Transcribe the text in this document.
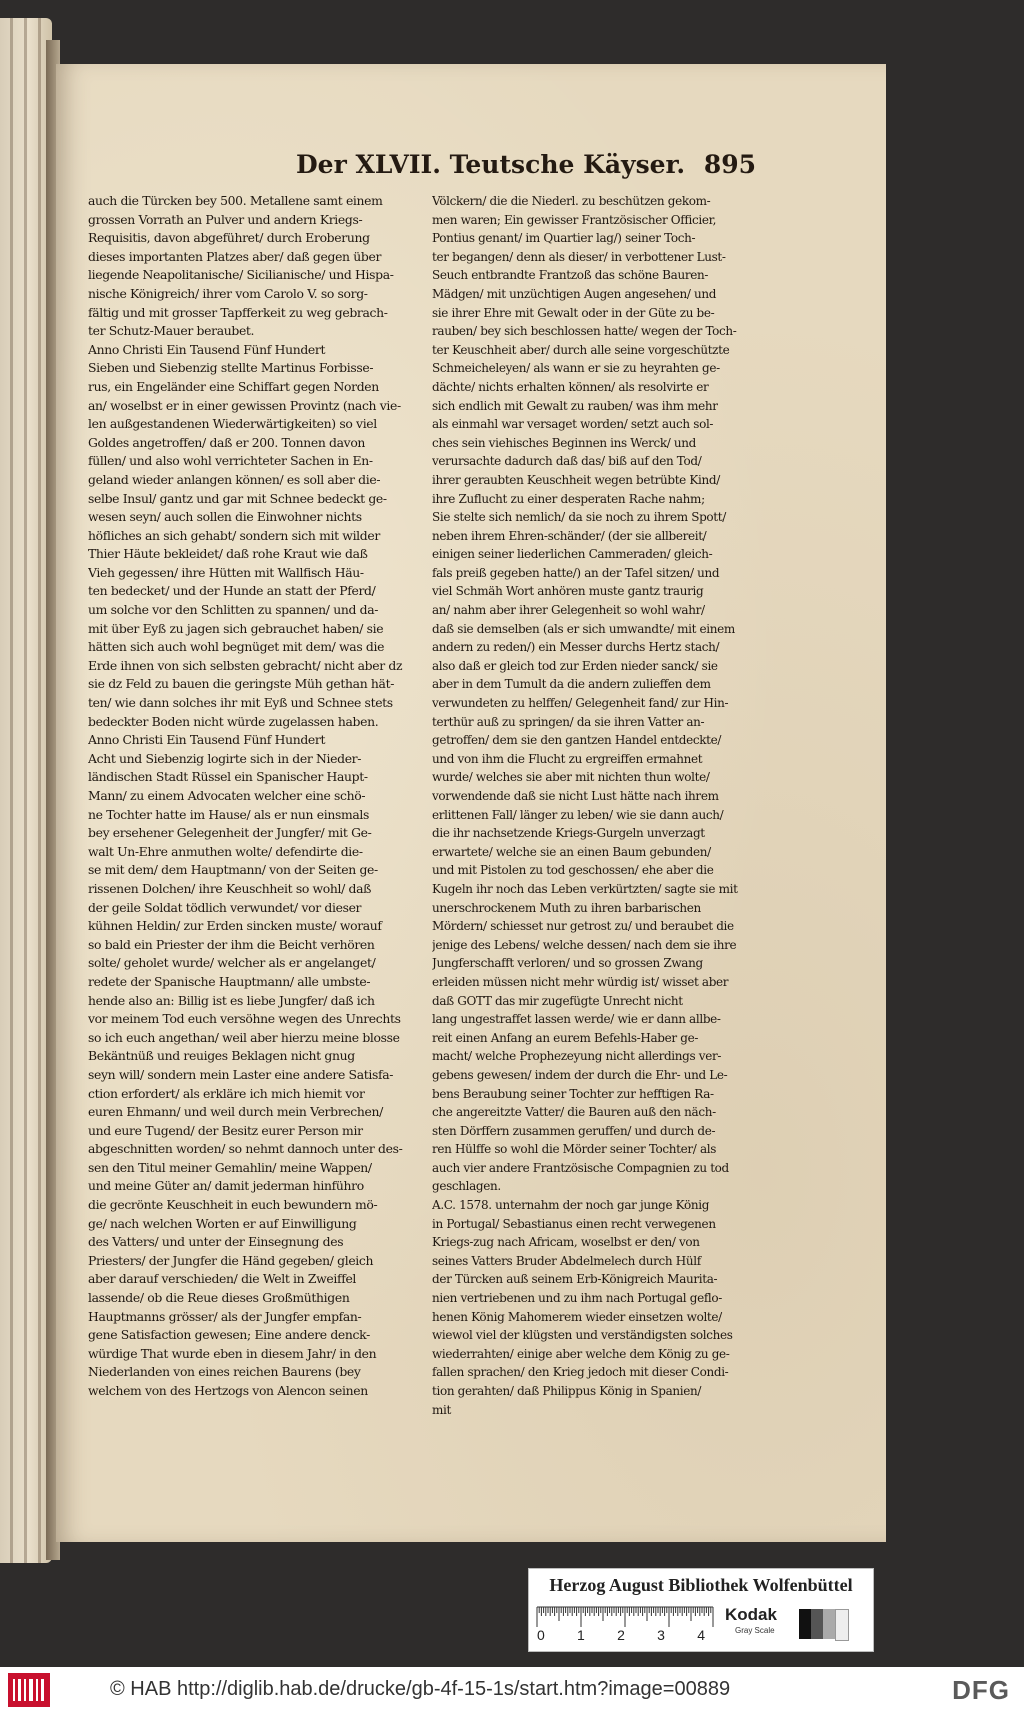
Der XLVII. Teutsche Käyser. 895
auch die Türcken bey 500. Metallene samt einem
grossen Vorrath an Pulver und andern Kriegs-
Requisitis, davon abgeführet/ durch Eroberung
dieses importanten Platzes aber/ daß gegen über
liegende Neapolitanische/ Sicilianische/ und Hispa-
nische Königreich/ ihrer vom Carolo V. so sorg-
fältig und mit grosser Tapfferkeit zu weg gebrach-
ter Schutz-Mauer beraubet.
Anno Christi Ein Tausend Fünf Hundert
Sieben und Siebenzig stellte Martinus Forbisse-
rus, ein Engeländer eine Schiffart gegen Norden
an/ woselbst er in einer gewissen Provintz (nach vie-
len außgestandenen Wiederwärtigkeiten) so viel
Goldes angetroffen/ daß er 200. Tonnen davon
füllen/ und also wohl verrichteter Sachen in En-
geland wieder anlangen können/ es soll aber die-
selbe Insul/ gantz und gar mit Schnee bedeckt ge-
wesen seyn/ auch sollen die Einwohner nichts
höfliches an sich gehabt/ sondern sich mit wilder
Thier Häute bekleidet/ daß rohe Kraut wie daß
Vieh gegessen/ ihre Hütten mit Wallfisch Häu-
ten bedecket/ und der Hunde an statt der Pferd/
um solche vor den Schlitten zu spannen/ und da-
mit über Eyß zu jagen sich gebrauchet haben/ sie
hätten sich auch wohl begnüget mit dem/ was die
Erde ihnen von sich selbsten gebracht/ nicht aber dz
sie dz Feld zu bauen die geringste Müh gethan hät-
ten/ wie dann solches ihr mit Eyß und Schnee stets
bedeckter Boden nicht würde zugelassen haben.
Anno Christi Ein Tausend Fünf Hundert
Acht und Siebenzig logirte sich in der Nieder-
ländischen Stadt Rüssel ein Spanischer Haupt-
Mann/ zu einem Advocaten welcher eine schö-
ne Tochter hatte im Hause/ als er nun einsmals
bey ersehener Gelegenheit der Jungfer/ mit Ge-
walt Un-Ehre anmuthen wolte/ defendirte die-
se mit dem/ dem Hauptmann/ von der Seiten ge-
rissenen Dolchen/ ihre Keuschheit so wohl/ daß
der geile Soldat tödlich verwundet/ vor dieser
kühnen Heldin/ zur Erden sincken muste/ worauf
so bald ein Priester der ihm die Beicht verhören
solte/ geholet wurde/ welcher als er angelanget/
redete der Spanische Hauptmann/ alle umbste-
hende also an: Billig ist es liebe Jungfer/ daß ich
vor meinem Tod euch versöhne wegen des Unrechts
so ich euch angethan/ weil aber hierzu meine blosse
Bekäntnüß und reuiges Beklagen nicht gnug
seyn will/ sondern mein Laster eine andere Satisfa-
ction erfordert/ als erkläre ich mich hiemit vor
euren Ehmann/ und weil durch mein Verbrechen/
und eure Tugend/ der Besitz eurer Person mir
abgeschnitten worden/ so nehmt dannoch unter des-
sen den Titul meiner Gemahlin/ meine Wappen/
und meine Güter an/ damit jederman hinführo
die gecrönte Keuschheit in euch bewundern mö-
ge/ nach welchen Worten er auf Einwilligung
des Vatters/ und unter der Einsegnung des
Priesters/ der Jungfer die Händ gegeben/ gleich
aber darauf verschieden/ die Welt in Zweiffel
lassende/ ob die Reue dieses Großmüthigen
Hauptmanns grösser/ als der Jungfer empfan-
gene Satisfaction gewesen; Eine andere denck-
würdige That wurde eben in diesem Jahr/ in den
Niederlanden von eines reichen Baurens (bey
welchem von des Hertzogs von Alencon seinen
Völckern/ die die Niederl. zu beschützen gekom-
men waren; Ein gewisser Frantzösischer Officier,
Pontius genant/ im Quartier lag/) seiner Toch-
ter begangen/ denn als dieser/ in verbottener Lust-
Seuch entbrandte Frantzoß das schöne Bauren-
Mädgen/ mit unzüchtigen Augen angesehen/ und
sie ihrer Ehre mit Gewalt oder in der Güte zu be-
rauben/ bey sich beschlossen hatte/ wegen der Toch-
ter Keuschheit aber/ durch alle seine vorgeschützte
Schmeicheleyen/ als wann er sie zu heyrahten ge-
dächte/ nichts erhalten können/ als resolvirte er
sich endlich mit Gewalt zu rauben/ was ihm mehr
als einmahl war versaget worden/ setzt auch sol-
ches sein viehisches Beginnen ins Werck/ und
verursachte dadurch daß das/ biß auf den Tod/
ihrer geraubten Keuschheit wegen betrübte Kind/
ihre Zuflucht zu einer desperaten Rache nahm;
Sie stelte sich nemlich/ da sie noch zu ihrem Spott/
neben ihrem Ehren-schänder/ (der sie allbereit/
einigen seiner liederlichen Cammeraden/ gleich-
fals preiß gegeben hatte/) an der Tafel sitzen/ und
viel Schmäh Wort anhören muste gantz traurig
an/ nahm aber ihrer Gelegenheit so wohl wahr/
daß sie demselben (als er sich umwandte/ mit einem
andern zu reden/) ein Messer durchs Hertz stach/
also daß er gleich tod zur Erden nieder sanck/ sie
aber in dem Tumult da die andern zulieffen dem
verwundeten zu helffen/ Gelegenheit fand/ zur Hin-
terthür auß zu springen/ da sie ihren Vatter an-
getroffen/ dem sie den gantzen Handel entdeckte/
und von ihm die Flucht zu ergreiffen ermahnet
wurde/ welches sie aber mit nichten thun wolte/
vorwendende daß sie nicht Lust hätte nach ihrem
erlittenen Fall/ länger zu leben/ wie sie dann auch/
die ihr nachsetzende Kriegs-Gurgeln unverzagt
erwartete/ welche sie an einen Baum gebunden/
und mit Pistolen zu tod geschossen/ ehe aber die
Kugeln ihr noch das Leben verkürtzten/ sagte sie mit
unerschrockenem Muth zu ihren barbarischen
Mördern/ schiesset nur getrost zu/ und beraubet die
jenige des Lebens/ welche dessen/ nach dem sie ihre
Jungferschafft verloren/ und so grossen Zwang
erleiden müssen nicht mehr würdig ist/ wisset aber
daß GOTT das mir zugefügte Unrecht nicht
lang ungestraffet lassen werde/ wie er dann allbe-
reit einen Anfang an eurem Befehls-Haber ge-
macht/ welche Prophezeyung nicht allerdings ver-
gebens gewesen/ indem der durch die Ehr- und Le-
bens Beraubung seiner Tochter zur hefftigen Ra-
che angereitzte Vatter/ die Bauren auß den näch-
sten Dörffern zusammen geruffen/ und durch de-
ren Hülffe so wohl die Mörder seiner Tochter/ als
auch vier andere Frantzösische Compagnien zu tod
geschlagen.
A.C. 1578. unternahm der noch gar junge König
in Portugal/ Sebastianus einen recht verwegenen
Kriegs-zug nach Africam, woselbst er den/ von
seines Vatters Bruder Abdelmelech durch Hülf
der Türcken auß seinem Erb-Königreich Maurita-
nien vertriebenen und zu ihm nach Portugal geflo-
henen König Mahomerem wieder einsetzen wolte/
wiewol viel der klügsten und verständigsten solches
wiederrahten/ einige aber welche dem König zu ge-
fallen sprachen/ den Krieg jedoch mit dieser Condi-
tion gerahten/ daß Philippus König in Spanien/
mit
Herzog August Bibliothek Wolfenbüttel
0 1 2 3 4
Kodak
Gray Scale
© HAB http://diglib.hab.de/drucke/gb-4f-15-1s/start.htm?image=00889	DFG
